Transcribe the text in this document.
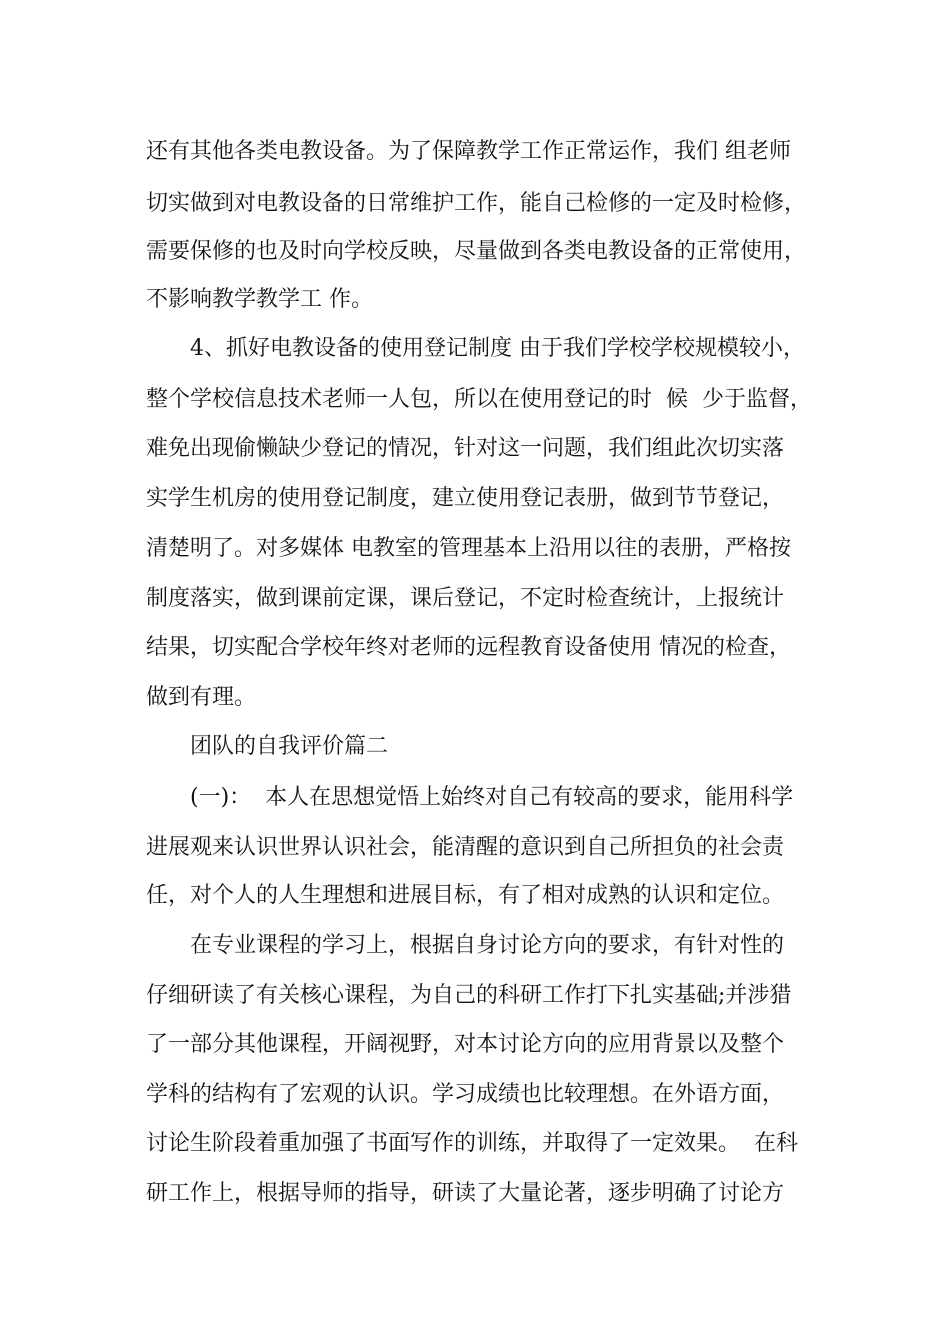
还有其他各类电教设备。为了保障教学工作正常运作，我们 组老师
切实做到对电教设备的日常维护工作，能自己检修的一定及时检修，
需要保修的也及时向学校反映，尽量做到各类电教设备的正常使用，
不影响教学教学工 作。
4、抓好电教设备的使用登记制度 由于我们学校学校规模较小，
整个学校信息技术老师一人包，所以在使用登记的时  候  少于监督，
难免出现偷懒缺少登记的情况，针对这一问题，我们组此次切实落
实学生机房的使用登记制度，建立使用登记表册，做到节节登记，
清楚明了。对多媒体 电教室的管理基本上沿用以往的表册，严格按
制度落实，做到课前定课，课后登记，不定时检查统计，上报统计
结果，切实配合学校年终对老师的远程教育设备使用 情况的检查，
做到有理。
团队的自我评价篇二
(一)：  本人在思想觉悟上始终对自己有较高的要求，能用科学
进展观来认识世界认识社会，能清醒的意识到自己所担负的社会责
任，对个人的人生理想和进展目标，有了相对成熟的认识和定位。
在专业课程的学习上，根据自身讨论方向的要求，有针对性的
仔细研读了有关核心课程，为自己的科研工作打下扎实基础;并涉猎
了一部分其他课程，开阔视野，对本讨论方向的应用背景以及整个
学科的结构有了宏观的认识。学习成绩也比较理想。在外语方面，
讨论生阶段着重加强了书面写作的训练，并取得了一定效果。  在科
研工作上，根据导师的指导，研读了大量论著，逐步明确了讨论方
